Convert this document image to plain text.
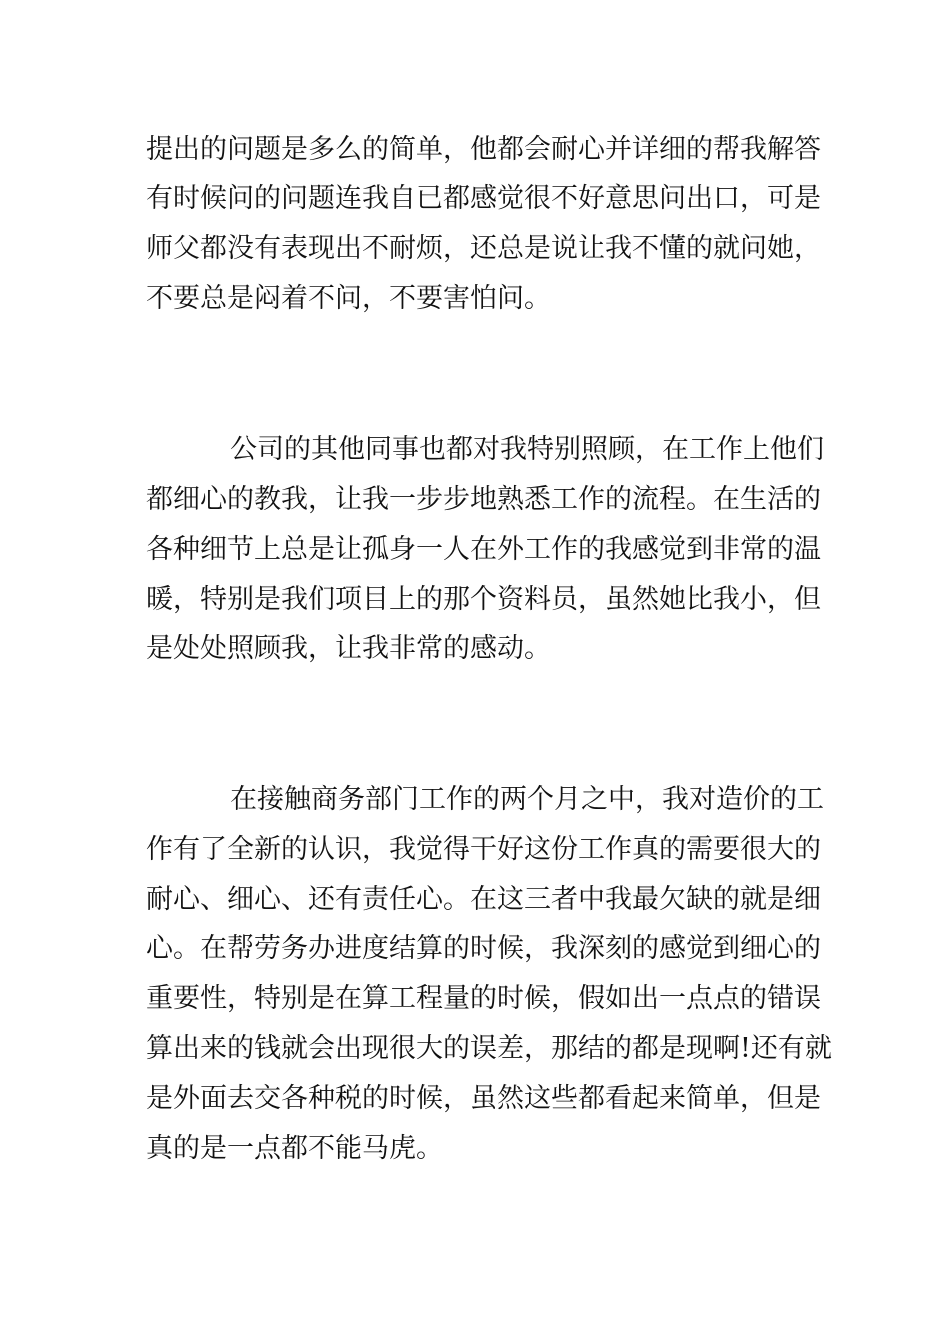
提出的问题是多么的简单，他都会耐心并详细的帮我解答
有时候问的问题连我自已都感觉很不好意思问出口，可是
师父都没有表现出不耐烦，还总是说让我不懂的就问她，
不要总是闷着不问，不要害怕问。
公司的其他同事也都对我特别照顾，在工作上他们
都细心的教我，让我一步步地熟悉工作的流程。在生活的
各种细节上总是让孤身一人在外工作的我感觉到非常的温
暖，特别是我们项目上的那个资料员，虽然她比我小，但
是处处照顾我，让我非常的感动。
在接触商务部门工作的两个月之中，我对造价的工
作有了全新的认识，我觉得干好这份工作真的需要很大的
耐心、细心、还有责任心。在这三者中我最欠缺的就是细
心。在帮劳务办进度结算的时候，我深刻的感觉到细心的
重要性，特别是在算工程量的时候，假如出一点点的错误
算出来的钱就会出现很大的误差，那结的都是现啊!还有就
是外面去交各种税的时候，虽然这些都看起来简单，但是
真的是一点都不能马虎。
